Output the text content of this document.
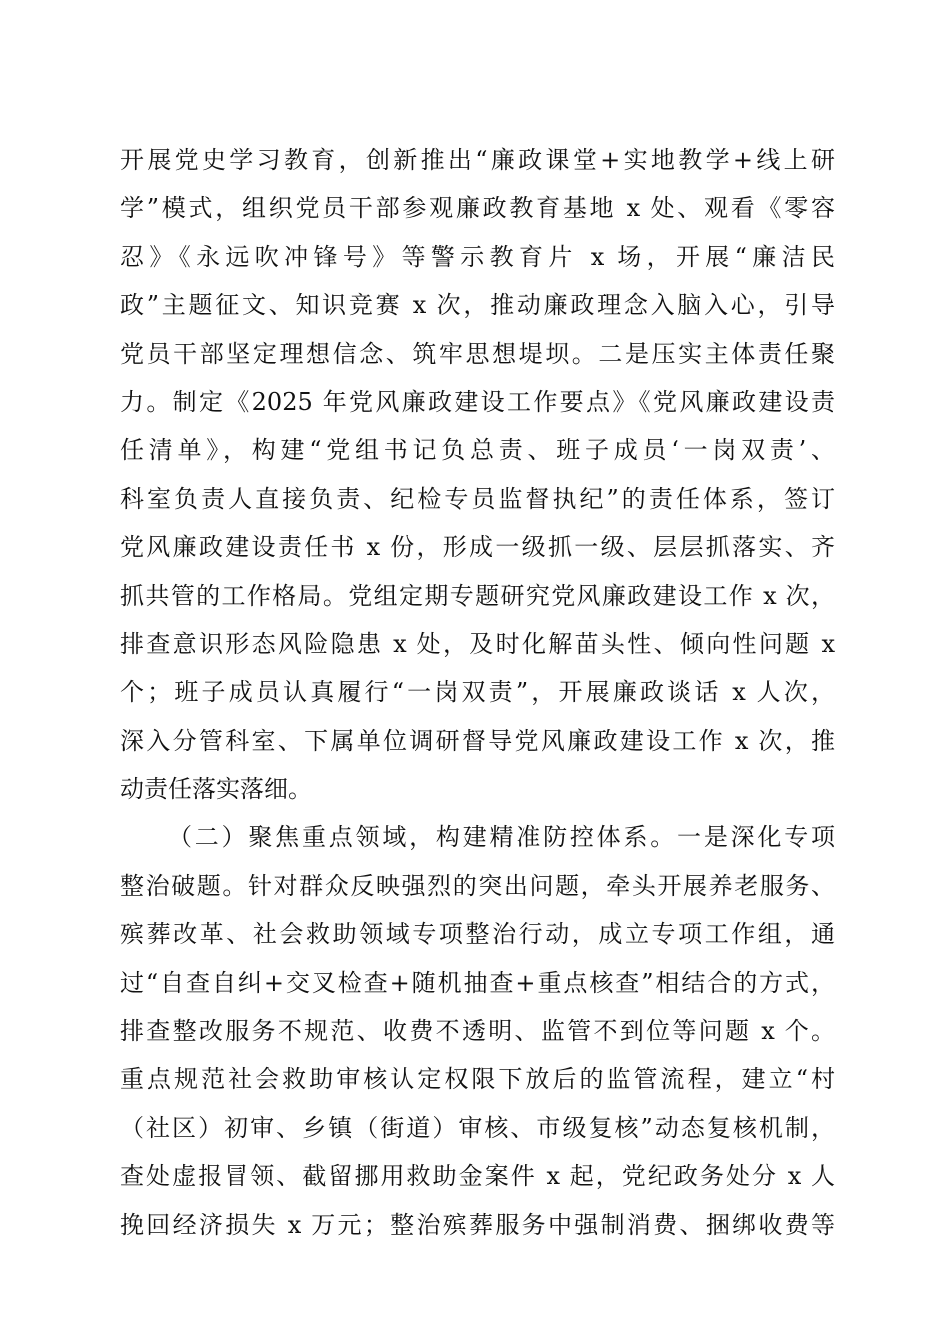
开展党史学习教育，创新推出“廉政课堂+实地教学+线上研
学”模式，组织党员干部参观廉政教育基地 x 处、观看《零容
忍》《永远吹冲锋号》等警示教育片 x 场，开展“廉洁民
政”主题征文、知识竞赛 x 次，推动廉政理念入脑入心，引导
党员干部坚定理想信念、筑牢思想堤坝。二是压实主体责任聚
力。制定《2025 年党风廉政建设工作要点》《党风廉政建设责
任清单》，构建“党组书记负总责、班子成员‘一岗双责’、
科室负责人直接负责、纪检专员监督执纪”的责任体系，签订
党风廉政建设责任书 x 份，形成一级抓一级、层层抓落实、齐
抓共管的工作格局。党组定期专题研究党风廉政建设工作 x 次，
排查意识形态风险隐患 x 处，及时化解苗头性、倾向性问题 x
个；班子成员认真履行“一岗双责”，开展廉政谈话 x 人次，
深入分管科室、下属单位调研督导党风廉政建设工作 x 次，推
动责任落实落细。
（二）聚焦重点领域，构建精准防控体系。一是深化专项
整治破题。针对群众反映强烈的突出问题，牵头开展养老服务、
殡葬改革、社会救助领域专项整治行动，成立专项工作组，通
过“自查自纠+交叉检查+随机抽查+重点核查”相结合的方式，
排查整改服务不规范、收费不透明、监管不到位等问题 x 个。
重点规范社会救助审核认定权限下放后的监管流程，建立“村
（社区）初审、乡镇（街道）审核、市级复核”动态复核机制，
查处虚报冒领、截留挪用救助金案件 x 起，党纪政务处分 x 人
挽回经济损失 x 万元；整治殡葬服务中强制消费、捆绑收费等
